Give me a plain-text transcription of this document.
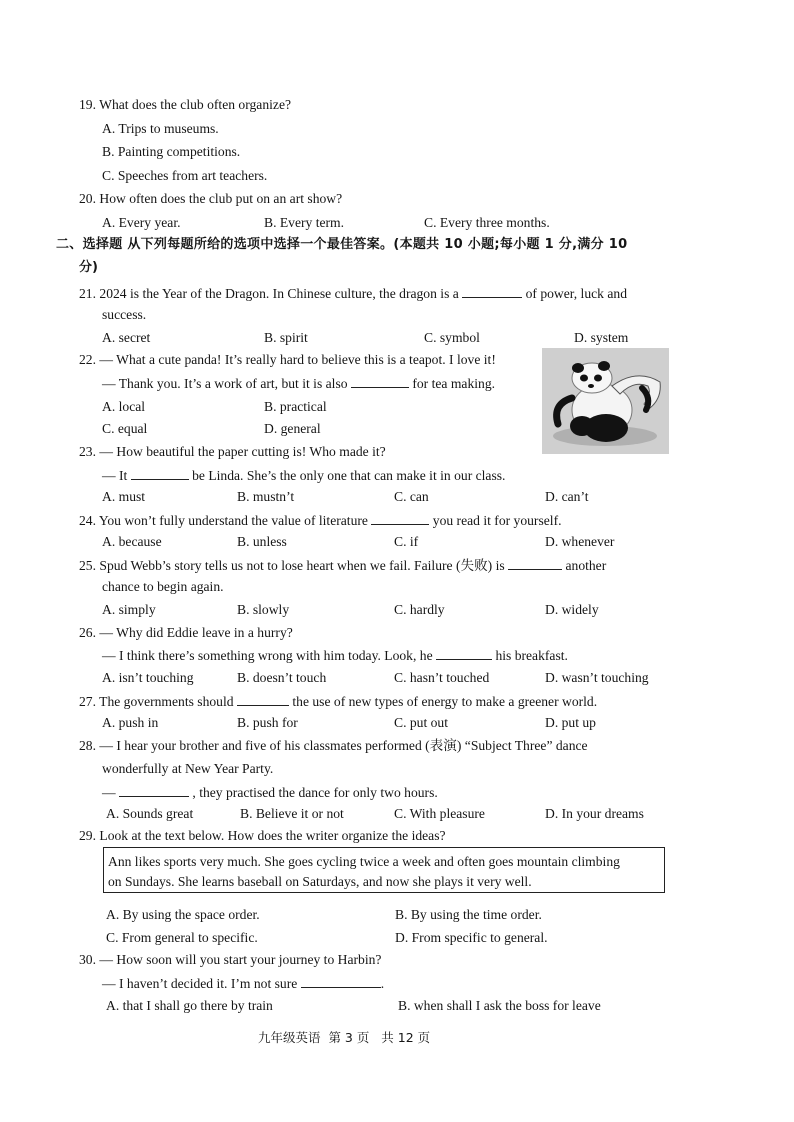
19. What does the club often organize?
A. Trips to museums.
B. Painting competitions.
C. Speeches from art teachers.
20. How often does the club put on an art show?
A. Every year.	B. Every term.	C. Every three months.
二、选择题 从下列每题所给的选项中选择一个最佳答案。(本题共 10 小题;每小题 1 分,满分 10
分)
21. 2024 is the Year of the Dragon. In Chinese culture, the dragon is a	of power, luck and
success.
A. secret	B. spirit	C. symbol	D. system
22. — What a cute panda! It’s really hard to believe this is a teapot. I love it!
— Thank you. It’s a work of art, but it is also	for tea making.
A. local	B. practical
C. equal	D. general
23. — How beautiful the paper cutting is! Who made it?
— It	be Linda. She’s the only one that can make it in our class.
A. must	B. mustn’t	C. can	D. can’t
24. You won’t fully understand the value of literature	you read it for yourself.
A. because	B. unless	C. if	D. whenever
25. Spud Webb’s story tells us not to lose heart when we fail. Failure (失败) is	another
chance to begin again.
A. simply	B. slowly	C. hardly	D. widely
26. — Why did Eddie leave in a hurry?
— I think there’s something wrong with him today. Look, he	his breakfast.
A. isn’t touching	B. doesn’t touch	C. hasn’t touched	D. wasn’t touching
27. The governments should	the use of new types of energy to make a greener world.
A. push in	B. push for	C. put out	D. put up
28. — I hear your brother and five of his classmates performed (表演) “Subject Three” dance
wonderfully at New Year Party.
—	, they practised the dance for only two hours.
A. Sounds great	B. Believe it or not	C. With pleasure	D. In your dreams
29. Look at the text below. How does the writer organize the ideas?
Ann likes sports very much. She goes cycling twice a week and often goes mountain climbing
on Sundays. She learns baseball on Saturdays, and now she plays it very well.
A. By using the space order.	B. By using the time order.
C. From general to specific.	D. From specific to general.
30. — How soon will you start your journey to Harbin?
— I haven’t decided it. I’m not sure	.
A. that I shall go there by train	B. when shall I ask the boss for leave
九年级英语  第 3 页   共 12 页
